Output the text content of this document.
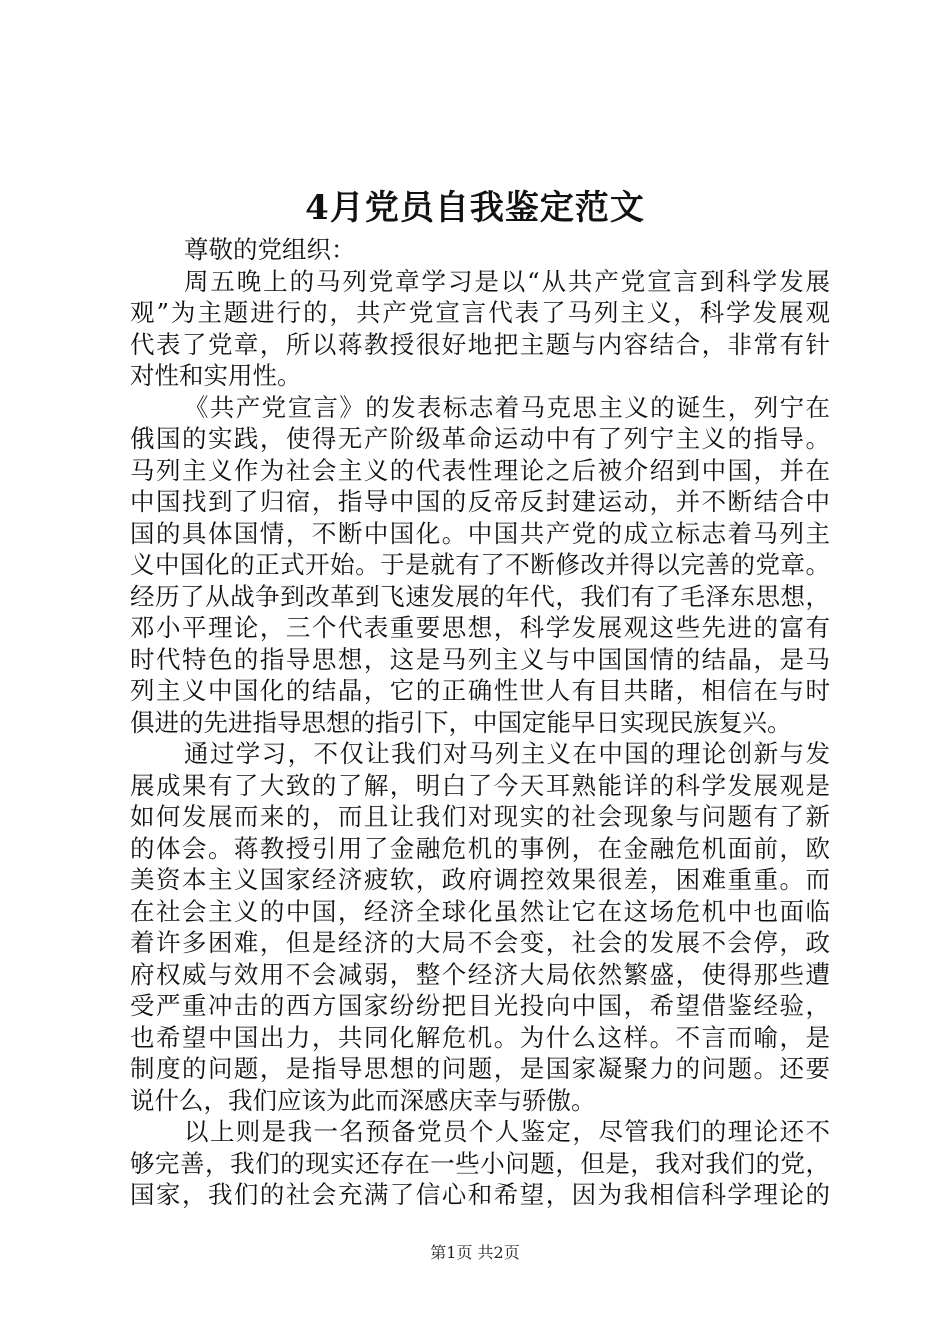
4月党员自我鉴定范文
尊敬的党组织：
周五晚上的马列党章学习是以“从共产党宣言到科学发展
观”为主题进行的，共产党宣言代表了马列主义，科学发展观
代表了党章，所以蒋教授很好地把主题与内容结合，非常有针
对性和实用性。
《共产党宣言》的发表标志着马克思主义的诞生，列宁在
俄国的实践，使得无产阶级革命运动中有了列宁主义的指导。
马列主义作为社会主义的代表性理论之后被介绍到中国，并在
中国找到了归宿，指导中国的反帝反封建运动，并不断结合中
国的具体国情，不断中国化。中国共产党的成立标志着马列主
义中国化的正式开始。于是就有了不断修改并得以完善的党章。
经历了从战争到改革到飞速发展的年代，我们有了毛泽东思想，
邓小平理论，三个代表重要思想，科学发展观这些先进的富有
时代特色的指导思想，这是马列主义与中国国情的结晶，是马
列主义中国化的结晶，它的正确性世人有目共睹，相信在与时
俱进的先进指导思想的指引下，中国定能早日实现民族复兴。
通过学习，不仅让我们对马列主义在中国的理论创新与发
展成果有了大致的了解，明白了今天耳熟能详的科学发展观是
如何发展而来的，而且让我们对现实的社会现象与问题有了新
的体会。蒋教授引用了金融危机的事例，在金融危机面前，欧
美资本主义国家经济疲软，政府调控效果很差，困难重重。而
在社会主义的中国，经济全球化虽然让它在这场危机中也面临
着许多困难，但是经济的大局不会变，社会的发展不会停，政
府权威与效用不会减弱，整个经济大局依然繁盛，使得那些遭
受严重冲击的西方国家纷纷把目光投向中国，希望借鉴经验，
也希望中国出力，共同化解危机。为什么这样。不言而喻，是
制度的问题，是指导思想的问题，是国家凝聚力的问题。还要
说什么，我们应该为此而深感庆幸与骄傲。
以上则是我一名预备党员个人鉴定，尽管我们的理论还不
够完善，我们的现实还存在一些小问题，但是，我对我们的党，
国家，我们的社会充满了信心和希望，因为我相信科学理论的
第1页 共2页
